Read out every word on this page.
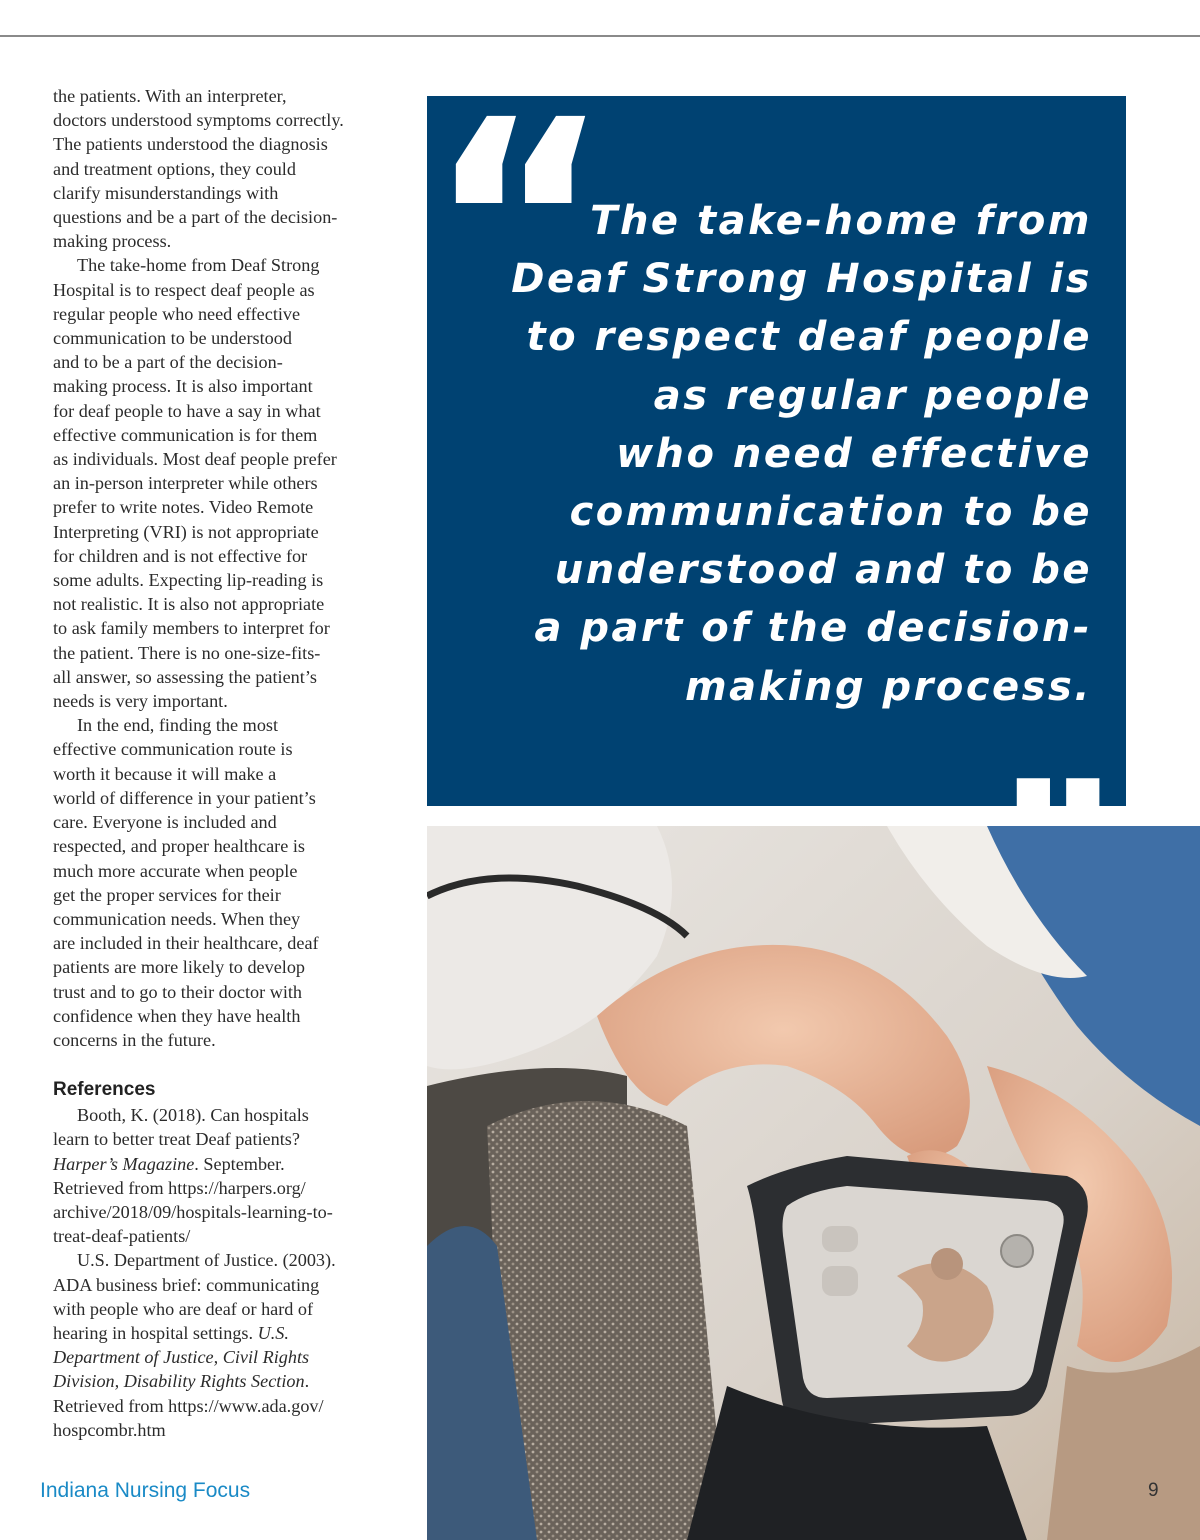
the patients. With an interpreter,
doctors understood symptoms correctly.
The patients understood the diagnosis
and treatment options, they could
clarify misunderstandings with
questions and be a part of the decision-
making process.

The take-home from Deaf Strong
Hospital is to respect deaf people as
regular people who need effective
communication to be understood
and to be a part of the decision-
making process. It is also important
for deaf people to have a say in what
effective communication is for them
as individuals. Most deaf people prefer
an in-person interpreter while others
prefer to write notes. Video Remote
Interpreting (VRI) is not appropriate
for children and is not effective for
some adults. Expecting lip-reading is
not realistic. It is also not appropriate
to ask family members to interpret for
the patient. There is no one-size-fits-
all answer, so assessing the patient’s
needs is very important.

In the end, finding the most
effective communication route is
worth it because it will make a
world of difference in your patient’s
care. Everyone is included and
respected, and proper healthcare is
much more accurate when people
get the proper services for their
communication needs. When they
are included in their healthcare, deaf
patients are more likely to develop
trust and to go to their doctor with
confidence when they have health
concerns in the future.

References

Booth, K. (2018). Can hospitals
learn to better treat Deaf patients?
Harper’s Magazine. September.
Retrieved from https://harpers.org/
archive/2018/09/hospitals-learning-to-
treat-deaf-patients/

U.S. Department of Justice. (2003).
ADA business brief: communicating
with people who are deaf or hard of
hearing in hospital settings. U.S.
Department of Justice, Civil Rights
Division, Disability Rights Section.
Retrieved from https://www.ada.gov/
hospcombr.htm

“ The take-home from
Deaf Strong Hospital is
to respect deaf people
as regular people
who need effective
communication to be
understood and to be
a part of the decision-
making process.
Indiana Nursing Focus	9
